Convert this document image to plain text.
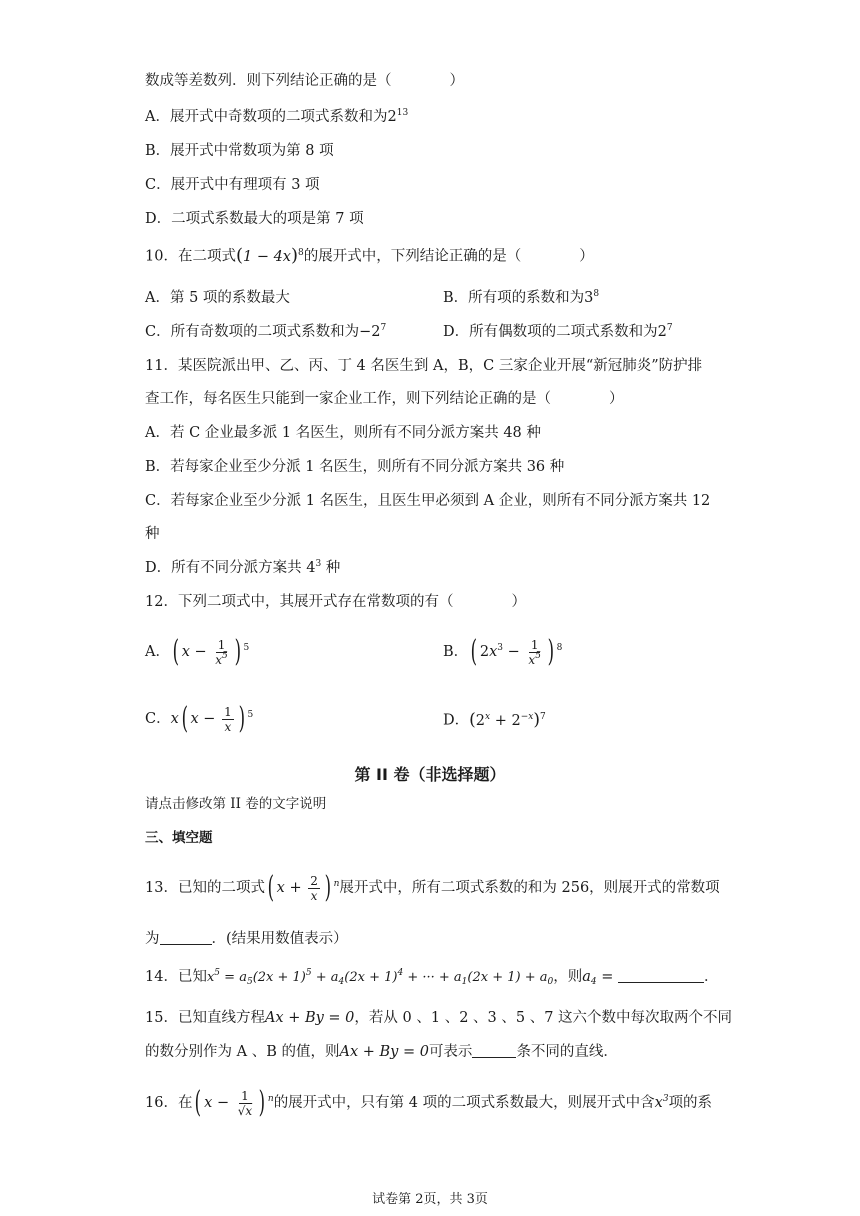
数成等差数列．则下列结论正确的是（　　　　）
A．展开式中奇数项的二项式系数和为$2^{13}$
B．展开式中常数项为第 8 项
C．展开式中有理项有 3 项
D．二项式系数最大的项是第 7 项
10．在二项式$(1 - 4x)^8$的展开式中，下列结论正确的是（　　　　）
A．第 5 项的系数最大	B．所有项的系数和为$3^8$
C．所有奇数项的二项式系数和为$-2^7$	D．所有偶数项的二项式系数和为$2^7$
11．某医院派出甲、乙、丙、丁 4 名医生到 A，B，C 三家企业开展“新冠肺炎”防护排
查工作，每名医生只能到一家企业工作，则下列结论正确的是（　　　　）
A．若 C 企业最多派 1 名医生，则所有不同分派方案共 48 种
B．若每家企业至少分派 1 名医生，则所有不同分派方案共 36 种
C．若每家企业至少分派 1 名医生，且医生甲必须到 A 企业，则所有不同分派方案共 12
种
D．所有不同分派方案共 $4^3$ 种
12．下列二项式中，其展开式存在常数项的有（　　　　）
A．( $x - \frac{1}{x^5}$ ) $^5$	B．( $2x^3 - \frac{1}{x^5}$ ) $^8$
C．x( $x - \frac{1}{x}$ ) $^5$	D．$(2^x + 2^{-x})^7$
第 II 卷（非选择题）
请点击修改第 II 卷的文字说明
三、填空题
13．已知的二项式( $x + \frac{2}{x}$ ) $^n$展开式中，所有二项式系数的和为 256，则展开式的常数项
为	．(结果用数值表示）
14．已知$x^5 = a_5(2x + 1)^5 + a_4(2x + 1)^4$ + ··· + $a_1(2x + 1) + a_0$，则$a_4$ =	．
15．已知直线方程Ax + By = 0，若从 0 、1 、2 、3 、5 、7 这六个数中每次取两个不同
的数分别作为 A 、B 的值，则Ax + By = 0可表示	条不同的直线．
16．在( $x - \frac{1}{√x}$ ) $^n$的展开式中，只有第 4 项的二项式系数最大，则展开式中含$x^3$项的系
试卷第 2页，共 3页
